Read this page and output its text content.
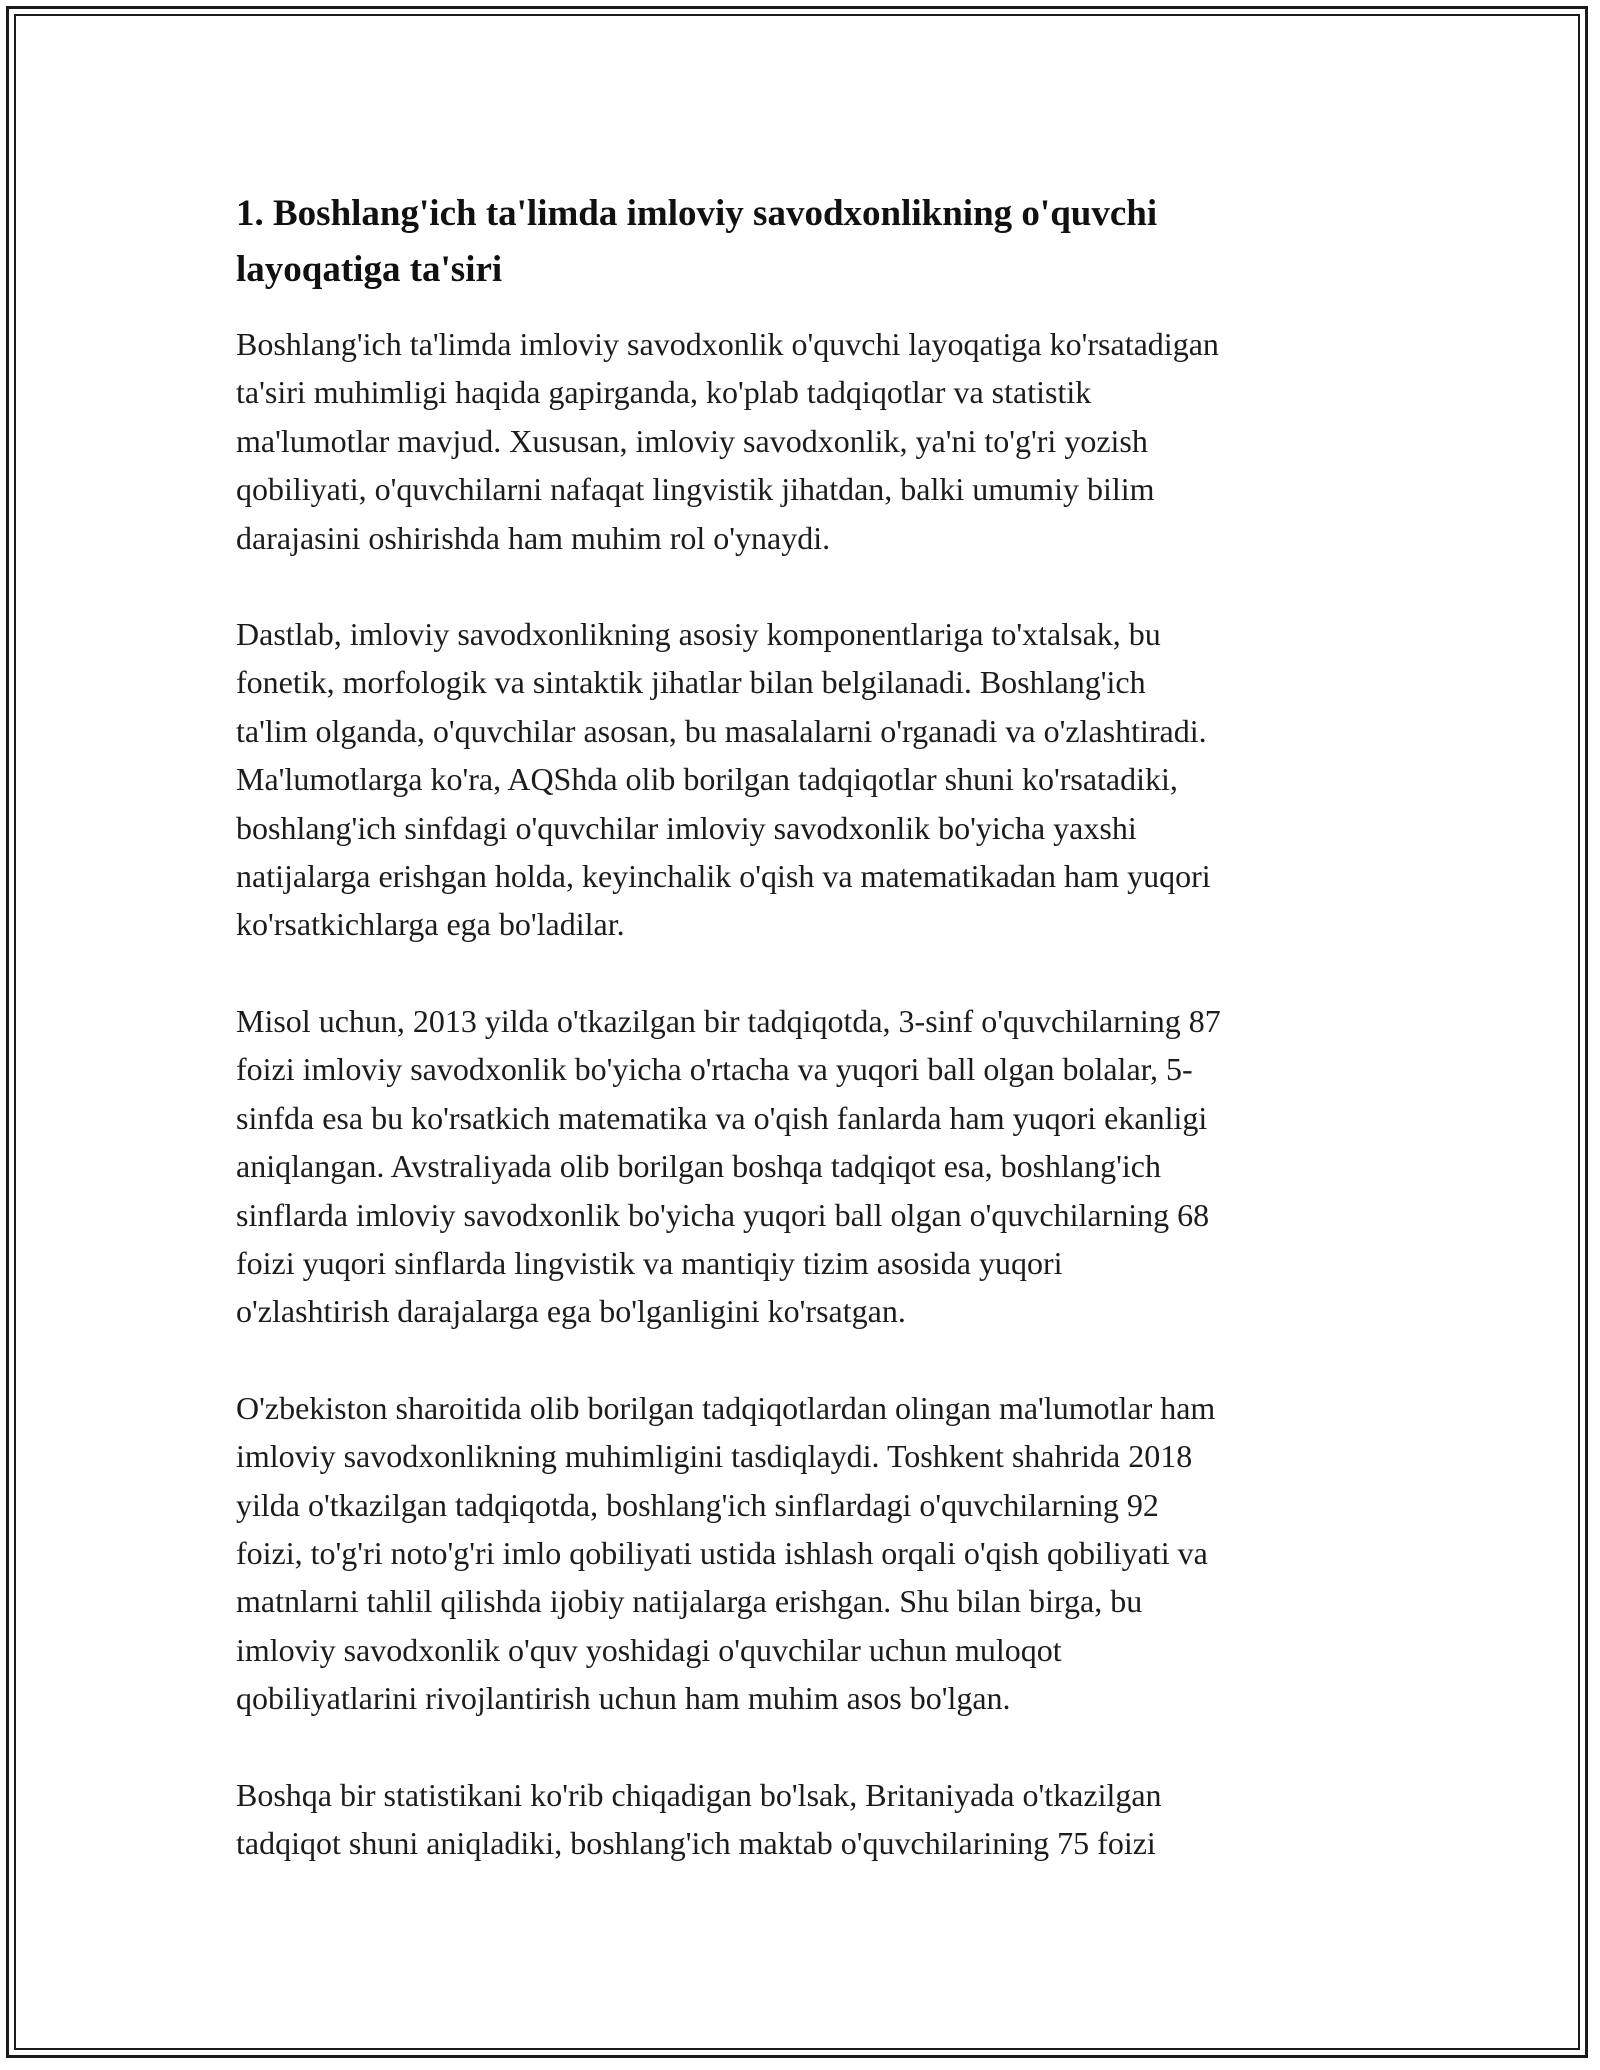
1. Boshlang'ich ta'limda imloviy savodxonlikning o'quvchi
layoqatiga ta'siri

Boshlang'ich ta'limda imloviy savodxonlik o'quvchi layoqatiga ko'rsatadigan
ta'siri muhimligi haqida gapirganda, ko'plab tadqiqotlar va statistik
ma'lumotlar mavjud. Xususan, imloviy savodxonlik, ya'ni to'g'ri yozish
qobiliyati, o'quvchilarni nafaqat lingvistik jihatdan, balki umumiy bilim
darajasini oshirishda ham muhim rol o'ynaydi.

Dastlab, imloviy savodxonlikning asosiy komponentlariga to'xtalsak, bu
fonetik, morfologik va sintaktik jihatlar bilan belgilanadi. Boshlang'ich
ta'lim olganda, o'quvchilar asosan, bu masalalarni o'rganadi va o'zlashtiradi.
Ma'lumotlarga ko'ra, AQShda olib borilgan tadqiqotlar shuni ko'rsatadiki,
boshlang'ich sinfdagi o'quvchilar imloviy savodxonlik bo'yicha yaxshi
natijalarga erishgan holda, keyinchalik o'qish va matematikadan ham yuqori
ko'rsatkichlarga ega bo'ladilar.

Misol uchun, 2013 yilda o'tkazilgan bir tadqiqotda, 3-sinf o'quvchilarning 87
foizi imloviy savodxonlik bo'yicha o'rtacha va yuqori ball olgan bolalar, 5-
sinfda esa bu ko'rsatkich matematika va o'qish fanlarda ham yuqori ekanligi
aniqlangan. Avstraliyada olib borilgan boshqa tadqiqot esa, boshlang'ich
sinflarda imloviy savodxonlik bo'yicha yuqori ball olgan o'quvchilarning 68
foizi yuqori sinflarda lingvistik va mantiqiy tizim asosida yuqori
o'zlashtirish darajalarga ega bo'lganligini ko'rsatgan.

O'zbekiston sharoitida olib borilgan tadqiqotlardan olingan ma'lumotlar ham
imloviy savodxonlikning muhimligini tasdiqlaydi. Toshkent shahrida 2018
yilda o'tkazilgan tadqiqotda, boshlang'ich sinflardagi o'quvchilarning 92
foizi, to'g'ri noto'g'ri imlo qobiliyati ustida ishlash orqali o'qish qobiliyati va
matnlarni tahlil qilishda ijobiy natijalarga erishgan. Shu bilan birga, bu
imloviy savodxonlik o'quv yoshidagi o'quvchilar uchun muloqot
qobiliyatlarini rivojlantirish uchun ham muhim asos bo'lgan.

Boshqa bir statistikani ko'rib chiqadigan bo'lsak, Britaniyada o'tkazilgan
tadqiqot shuni aniqladiki, boshlang'ich maktab o'quvchilarining 75 foizi
